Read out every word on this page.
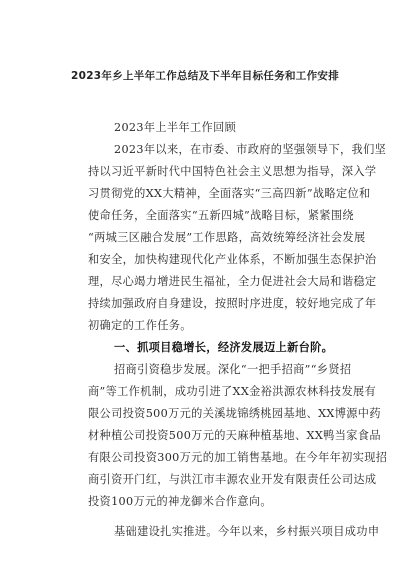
2023年乡上半年工作总结及下半年目标任务和工作安排
2023年上半年工作回顾
2023年以来，在市委、市政府的坚强领导下，我们坚
持以习近平新时代中国特色社会主义思想为指导，深入学
习贯彻党的XX大精神，全面落实“三高四新”战略定位和
使命任务，全面落实“五新四城”战略目标，紧紧围绕
“两城三区融合发展”工作思路，高效统筹经济社会发展
和安全，加快构建现代化产业体系，不断加强生态保护治
理，尽心竭力增进民生福祉，全力促进社会大局和谐稳定
持续加强政府自身建设，按照时序进度，较好地完成了年
初确定的工作任务。
一、抓项目稳增长，经济发展迈上新台阶。
招商引资稳步发展。深化“一把手招商”“乡贤招
商”等工作机制，成功引进了XX金裕洪源农林科技发展有
限公司投资500万元的关溪垅锦绣桃园基地、XX博源中药
材种植公司投资500万元的天麻种植基地、XX鸭当家食品
有限公司投资300万元的加工销售基地。在今年年初实现招
商引资开门红，与洪江市丰源农业开发有限责任公司达成
投资100万元的神龙御米合作意向。
基础建设扎实推进。今年以来，乡村振兴项目成功申
